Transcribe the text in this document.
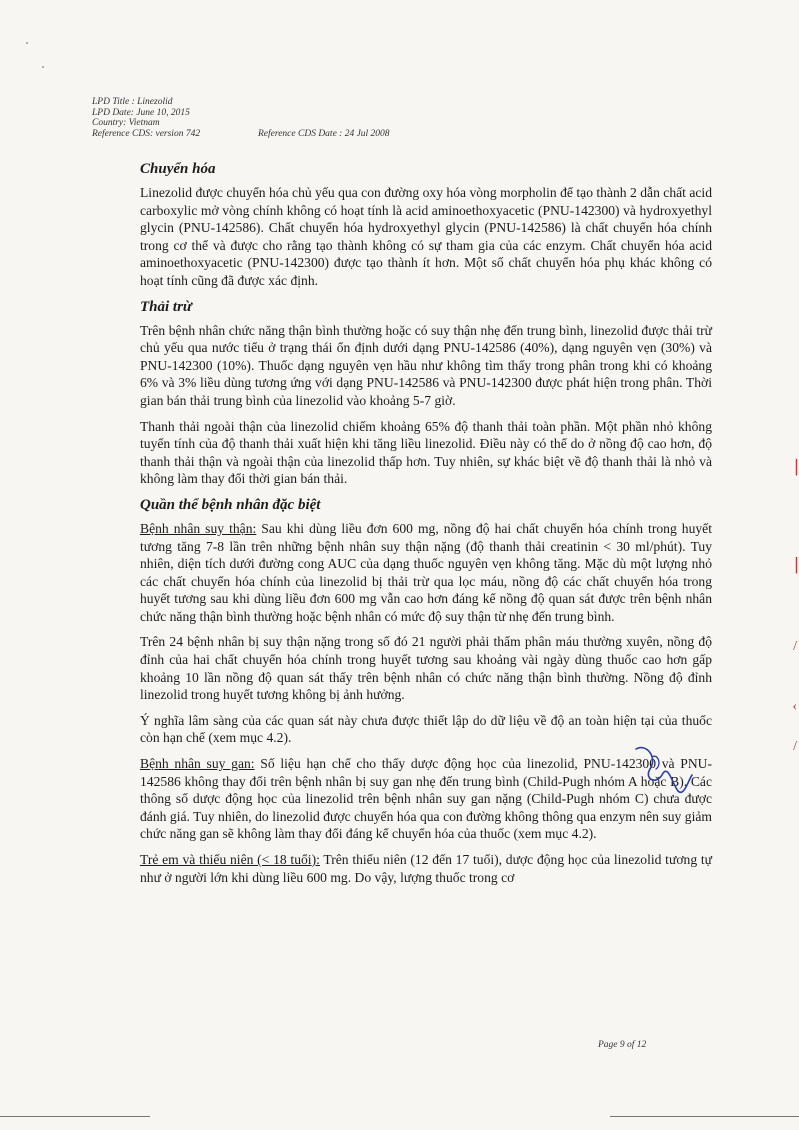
LPD Title : Linezolid
LPD Date: June 10, 2015
Country: Vietnam
Reference CDS: version 742	Reference CDS Date : 24 Jul 2008
Chuyển hóa

Linezolid được chuyển hóa chủ yếu qua con đường oxy hóa vòng morpholin để tạo thành 2 dẫn chất acid carboxylic mở vòng chính không có hoạt tính là acid aminoethoxyacetic (PNU-142300) và hydroxyethyl glycin (PNU-142586). Chất chuyển hóa hydroxyethyl glycin (PNU-142586) là chất chuyển hóa chính trong cơ thể và được cho rằng tạo thành không có sự tham gia của các enzym. Chất chuyển hóa acid aminoethoxyacetic (PNU-142300) được tạo thành ít hơn. Một số chất chuyển hóa phụ khác không có hoạt tính cũng đã được xác định.

Thải trừ

Trên bệnh nhân chức năng thận bình thường hoặc có suy thận nhẹ đến trung bình, linezolid được thải trừ chủ yếu qua nước tiểu ở trạng thái ổn định dưới dạng PNU-142586 (40%), dạng nguyên vẹn (30%) và PNU-142300 (10%). Thuốc dạng nguyên vẹn hầu như không tìm thấy trong phân trong khi có khoảng 6% và 3% liều dùng tương ứng với dạng PNU-142586 và PNU-142300 được phát hiện trong phân. Thời gian bán thải trung bình của linezolid vào khoảng 5-7 giờ.

Thanh thải ngoài thận của linezolid chiếm khoảng 65% độ thanh thải toàn phần. Một phần nhỏ không tuyến tính của độ thanh thải xuất hiện khi tăng liều linezolid. Điều này có thể do ở nồng độ cao hơn, độ thanh thải thận và ngoài thận của linezolid thấp hơn. Tuy nhiên, sự khác biệt về độ thanh thải là nhỏ và không làm thay đổi thời gian bán thải.

Quần thể bệnh nhân đặc biệt

Bệnh nhân suy thận: Sau khi dùng liều đơn 600 mg, nồng độ hai chất chuyển hóa chính trong huyết tương tăng 7-8 lần trên những bệnh nhân suy thận nặng (độ thanh thải creatinin < 30 ml/phút). Tuy nhiên, diện tích dưới đường cong AUC của dạng thuốc nguyên vẹn không tăng. Mặc dù một lượng nhỏ các chất chuyển hóa chính của linezolid bị thải trừ qua lọc máu, nồng độ các chất chuyển hóa trong huyết tương sau khi dùng liều đơn 600 mg vẫn cao hơn đáng kể nồng độ quan sát được trên bệnh nhân chức năng thận bình thường hoặc bệnh nhân có mức độ suy thận từ nhẹ đến trung bình.

Trên 24 bệnh nhân bị suy thận nặng trong số đó 21 người phải thẩm phân máu thường xuyên, nồng độ đỉnh của hai chất chuyển hóa chính trong huyết tương sau khoảng vài ngày dùng thuốc cao hơn gấp khoảng 10 lần nồng độ quan sát thấy trên bệnh nhân có chức năng thận bình thường. Nồng độ đỉnh linezolid trong huyết tương không bị ảnh hưởng.

Ý nghĩa lâm sàng của các quan sát này chưa được thiết lập do dữ liệu về độ an toàn hiện tại của thuốc còn hạn chế (xem mục 4.2).

Bệnh nhân suy gan: Số liệu hạn chế cho thấy dược động học của linezolid, PNU-142300 và PNU-142586 không thay đổi trên bệnh nhân bị suy gan nhẹ đến trung bình (Child-Pugh nhóm A hoặc B). Các thông số dược động học của linezolid trên bệnh nhân suy gan nặng (Child-Pugh nhóm C) chưa được đánh giá. Tuy nhiên, do linezolid được chuyển hóa qua con đường không thông qua enzym nên suy giảm chức năng gan sẽ không làm thay đổi đáng kể chuyển hóa của thuốc (xem mục 4.2).

Trẻ em và thiếu niên (< 18 tuổi): Trên thiếu niên (12 đến 17 tuổi), dược động học của linezolid tương tự như ở người lớn khi dùng liều 600 mg. Do vậy, lượng thuốc trong cơ

▕
▕
/
‹
/
Page 9 of 12
